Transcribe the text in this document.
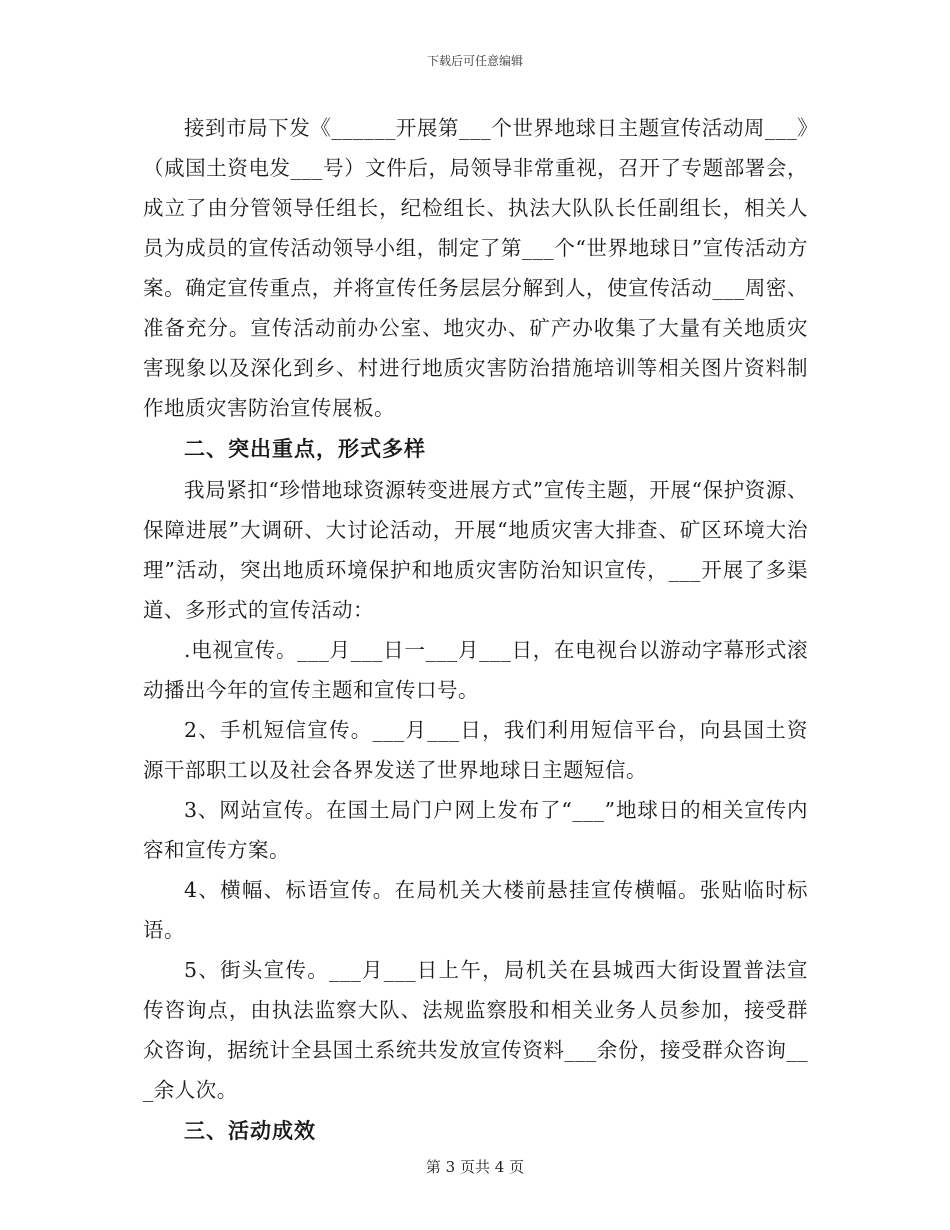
下载后可任意编辑

接到市局下发《______开展第___个世界地球日主题宣传活动周___》（咸国土资电发___号）文件后，局领导非常重视，召开了专题部署会，成立了由分管领导任组长，纪检组长、执法大队队长任副组长，相关人员为成员的宣传活动领导小组，制定了第___个“世界地球日”宣传活动方案。确定宣传重点，并将宣传任务层层分解到人，使宣传活动___周密、准备充分。宣传活动前办公室、地灾办、矿产办收集了大量有关地质灾害现象以及深化到乡、村进行地质灾害防治措施培训等相关图片资料制作地质灾害防治宣传展板。

二、突出重点，形式多样

我局紧扣“珍惜地球资源转变进展方式”宣传主题，开展“保护资源、保障进展”大调研、大讨论活动，开展“地质灾害大排查、矿区环境大治理”活动，突出地质环境保护和地质灾害防治知识宣传，___开展了多渠道、多形式的宣传活动：

.电视宣传。___月___日一___月___日，在电视台以游动字幕形式滚动播出今年的宣传主题和宣传口号。

2、手机短信宣传。___月___日，我们利用短信平台，向县国土资源干部职工以及社会各界发送了世界地球日主题短信。

3、网站宣传。在国土局门户网上发布了“___”地球日的相关宣传内容和宣传方案。

4、横幅、标语宣传。在局机关大楼前悬挂宣传横幅。张贴临时标语。

5、街头宣传。___月___日上午，局机关在县城西大街设置普法宣传咨询点，由执法监察大队、法规监察股和相关业务人员参加，接受群众咨询，据统计全县国土系统共发放宣传资料___余份，接受群众咨询___余人次。

三、活动成效

第 3 页共 4 页
